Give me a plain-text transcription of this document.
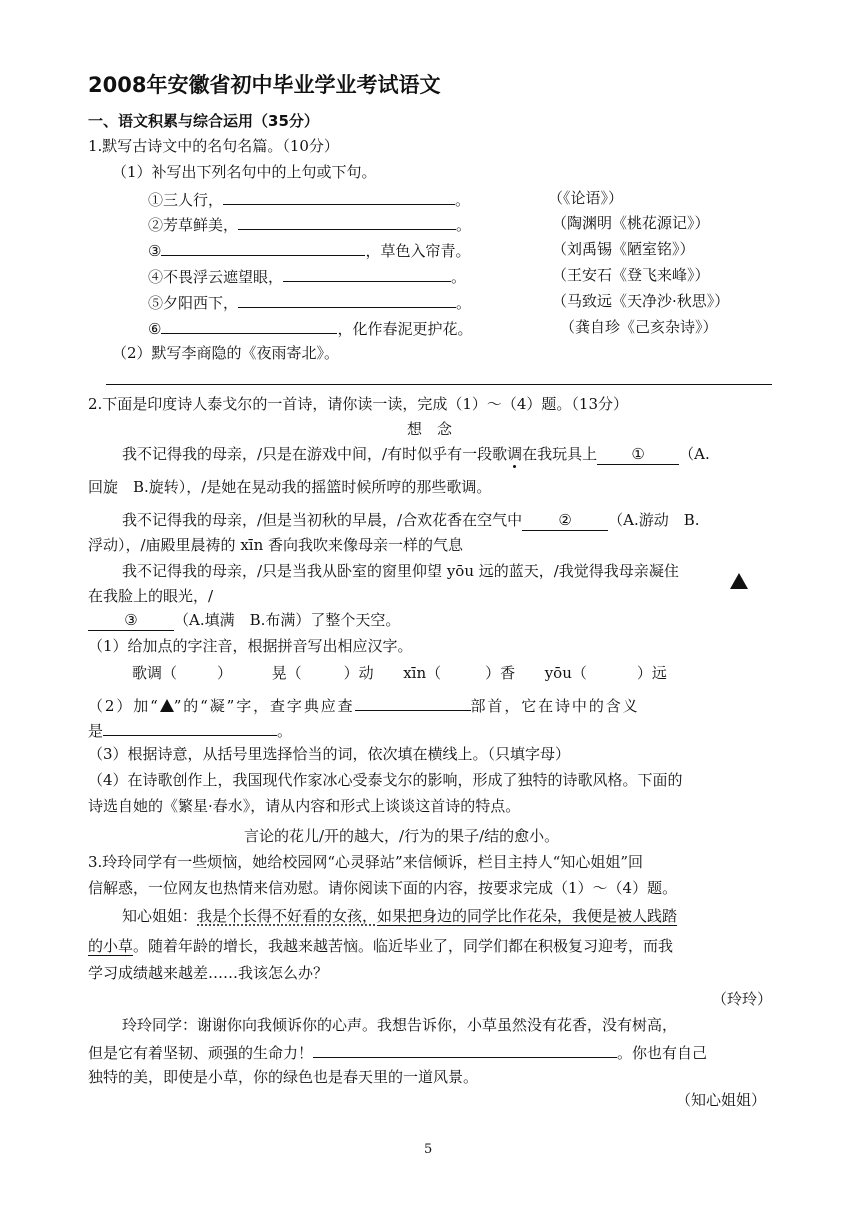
2008年安徽省初中毕业学业考试语文
一、语文积累与综合运用（35分）
1.默写古诗文中的名句名篇。（10分）
（1）补写出下列名句中的上句或下句。
①三人行，	。	（《论语》）
②芳草鲜美，	。	（陶渊明《桃花源记》）
③	，草色入帘青。	（刘禹锡《陋室铭》）
④不畏浮云遮望眼，	。	（王安石《登飞来峰》）
⑤夕阳西下，	。	（马致远《天净沙·秋思》）
⑥	，化作春泥更护花。	（龚自珍《己亥杂诗》）
（2）默写李商隐的《夜雨寄北》。
2.下面是印度诗人泰戈尔的一首诗，请你读一读，完成（1）～（4）题。（13分）
想　念
我不记得我的母亲，/只是在游戏中间，/有时似乎有一段歌调在我玩具上 ① （A.
回旋　B.旋转），/是她在晃动我的摇篮时候所哼的那些歌调。
我不记得我的母亲，/但是当初秋的早晨，/合欢花香在空气中 ② （A.游动　B.
浮动），/庙殿里晨祷的 xīn 香向我吹来像母亲一样的气息
我不记得我的母亲，/只是当我从卧室的窗里仰望 yōu 远的蓝天，/我觉得我母亲凝住
在我脸上的眼光，/
③ （A.填满　B.布满）了整个天空。
（1）给加点的字注音，根据拼音写出相应汉字。
歌调（	）	晃（	）动 xīn（	）香 yōu（	）远
（2）加“ ”的“凝”字，查字典应查	部首，它在诗中的含义
是	。
（3）根据诗意，从括号里选择恰当的词，依次填在横线上。（只填字母）
（4）在诗歌创作上，我国现代作家冰心受泰戈尔的影响，形成了独特的诗歌风格。下面的
诗选自她的《繁星·春水》，请从内容和形式上谈谈这首诗的特点。
言论的花儿/开的越大，/行为的果子/结的愈小。
3.玲玲同学有一些烦恼，她给校园网“心灵驿站”来信倾诉，栏目主持人“知心姐姐”回
信解惑，一位网友也热情来信劝慰。请你阅读下面的内容，按要求完成（1）～（4）题。
知心姐姐：我是个长得不好看的女孩，如果把身边的同学比作花朵，我便是被人践踏
的小草。随着年龄的增长，我越来越苦恼。临近毕业了，同学们都在积极复习迎考，而我
学习成绩越来越差……我该怎么办？
（玲玲）
玲玲同学：谢谢你向我倾诉你的心声。我想告诉你，小草虽然没有花香，没有树高，
但是它有着坚韧、顽强的生命力！	。你也有自己
独特的美，即使是小草，你的绿色也是春天里的一道风景。
（知心姐姐）
5
